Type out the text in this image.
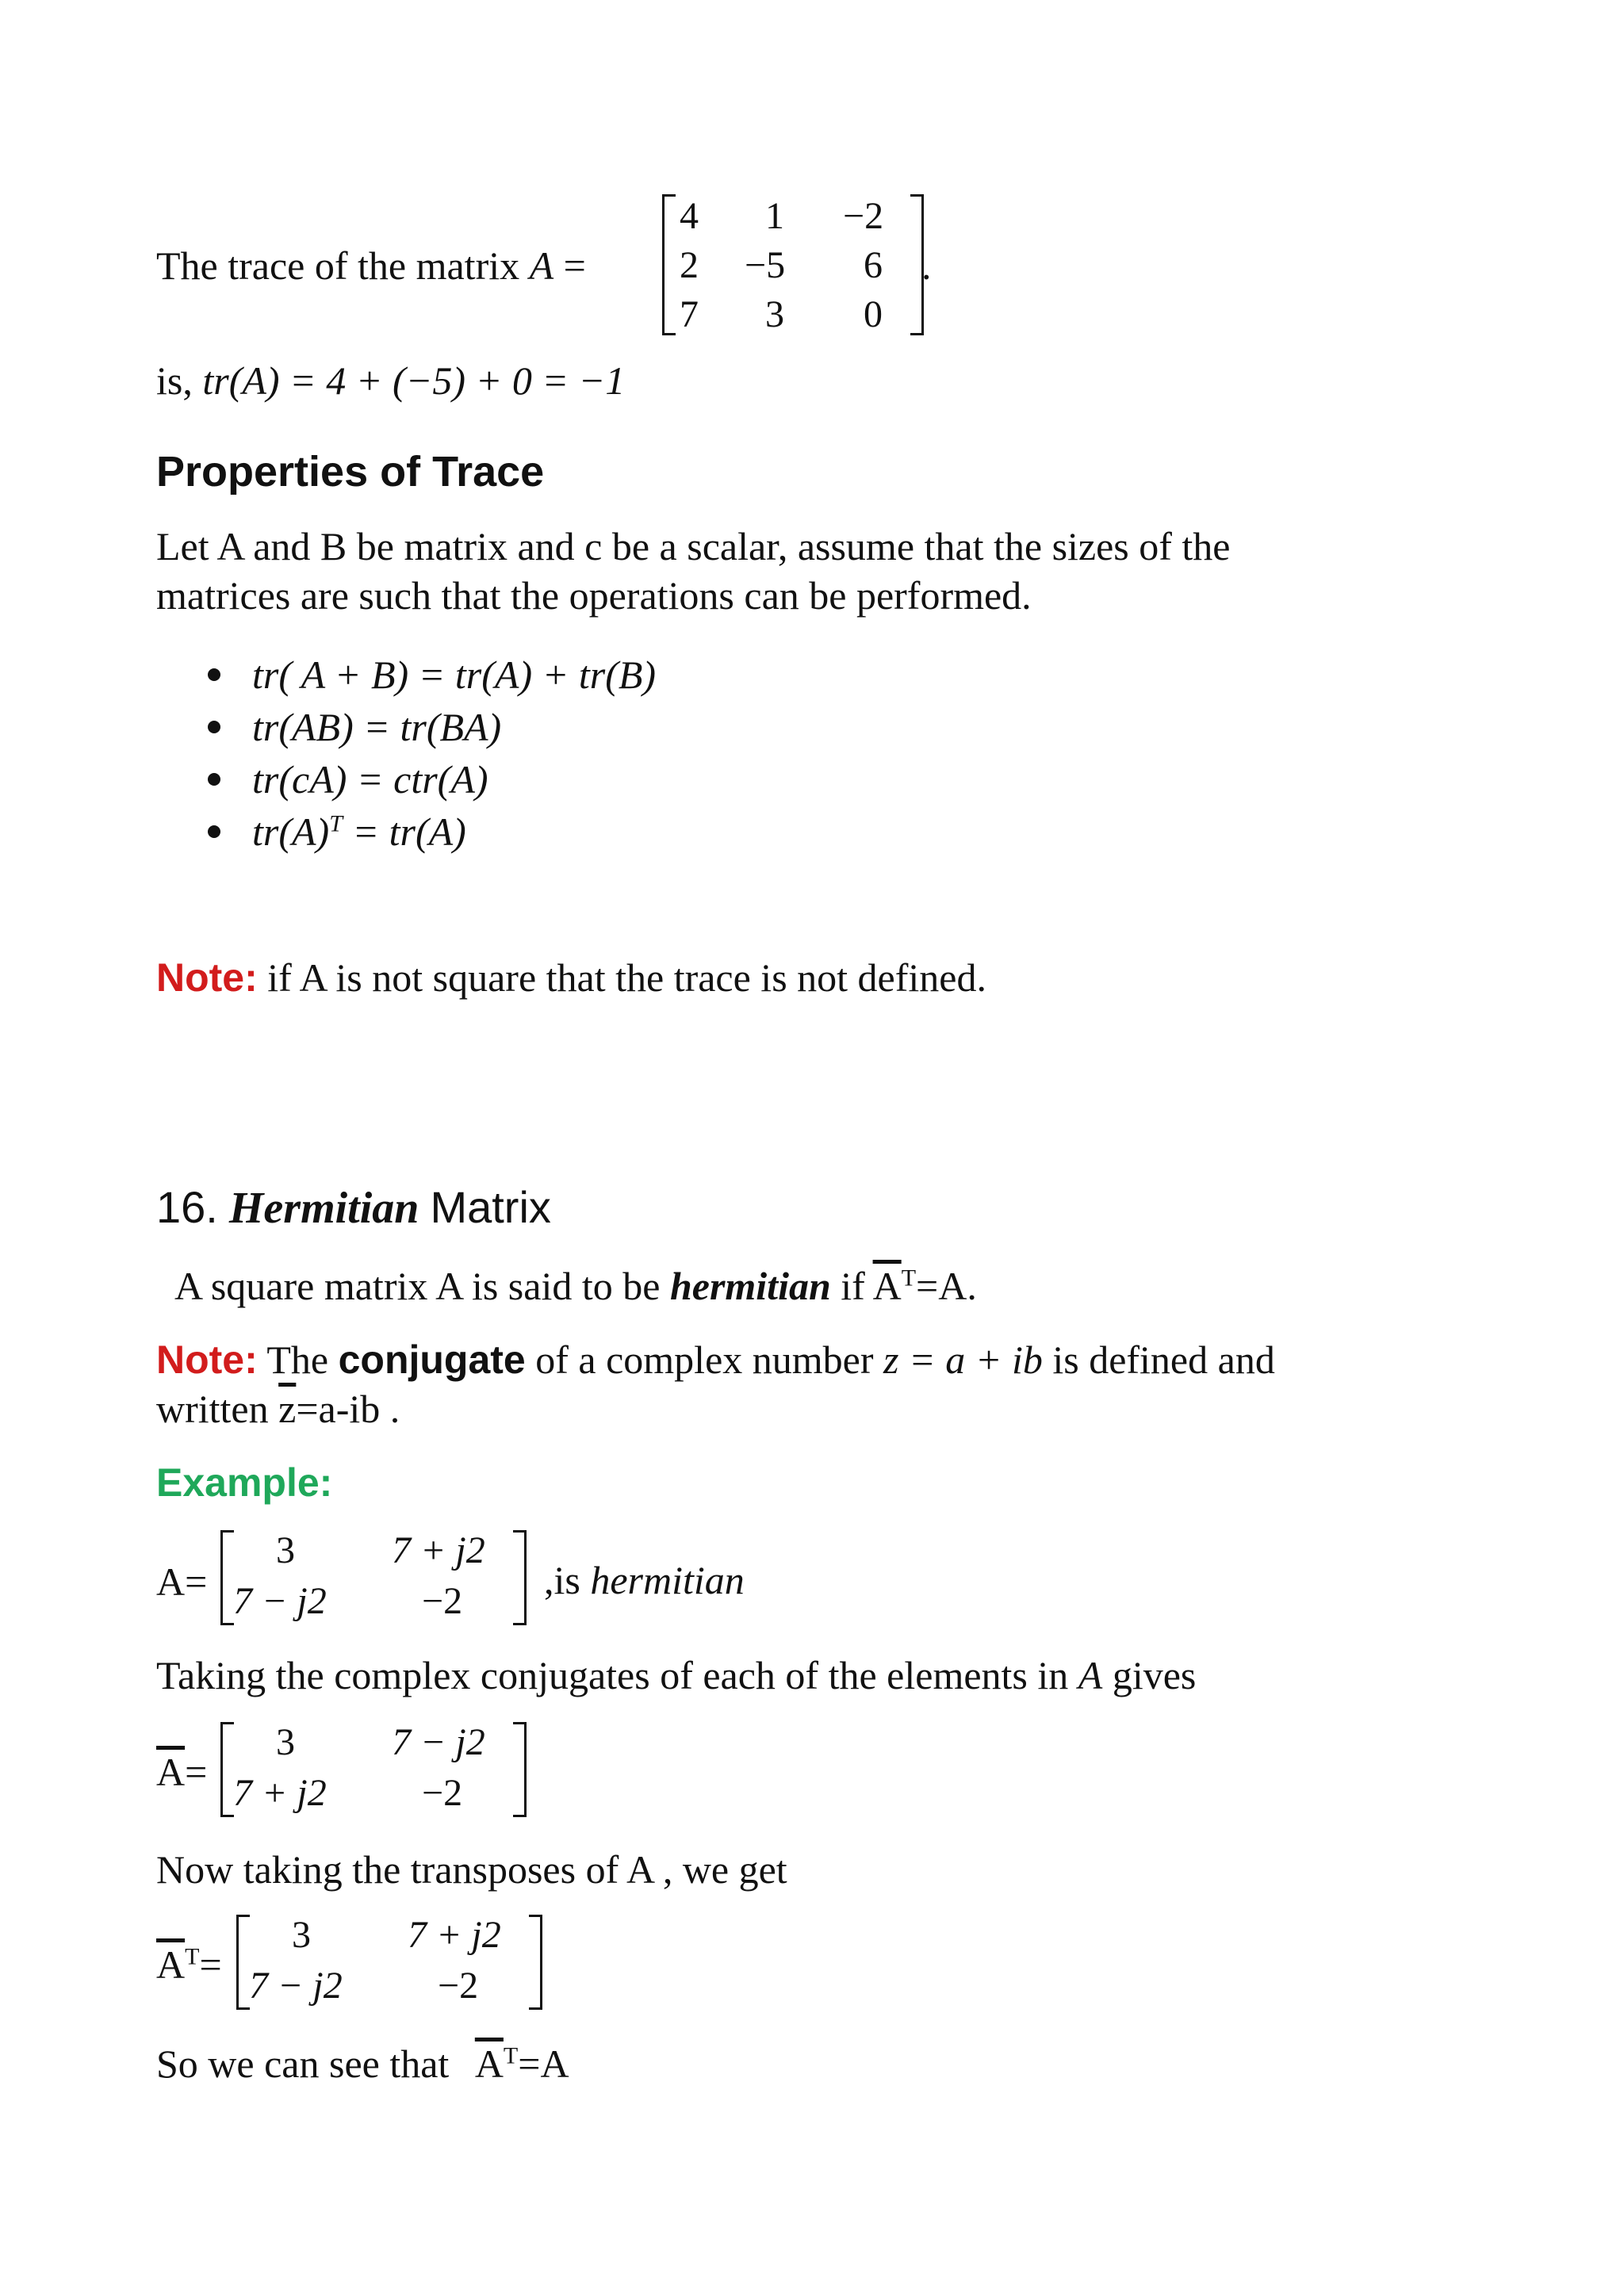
The trace of the matrix A =
4 1 −2
2 −5 6
7 3 0
.
is, tr(A) = 4 + (−5) + 0 = −1
Properties of Trace
Let A and B be matrix and c be a scalar, assume that the sizes of the
matrices are such that the operations can be performed.
tr( A + B) = tr(A) + tr(B)
tr(AB) = tr(BA)
tr(cA) = ctr(A)
$tr(A)^T = tr(A)$
Note: if A is not square that the trace is not defined.
16. Hermitian Matrix
A square matrix A is said to be hermitian if $\overline{A}^T=A$.
Note: The conjugate of a complex number z = a + ib is defined and
written $\overline{z}=a-ib$ .
Example:
A=
3	7 + j2
7 − j2	−2 ,is hermitian
Taking the complex conjugates of each of the elements in A gives
$\overline{A}=$
3	7 − j2
7 + j2	−2
Now taking the transposes of A , we get
$\overline{A}^T=$
3	7 + j2
7 − j2	−2
So we can see that $\overline{A}^T=A$
